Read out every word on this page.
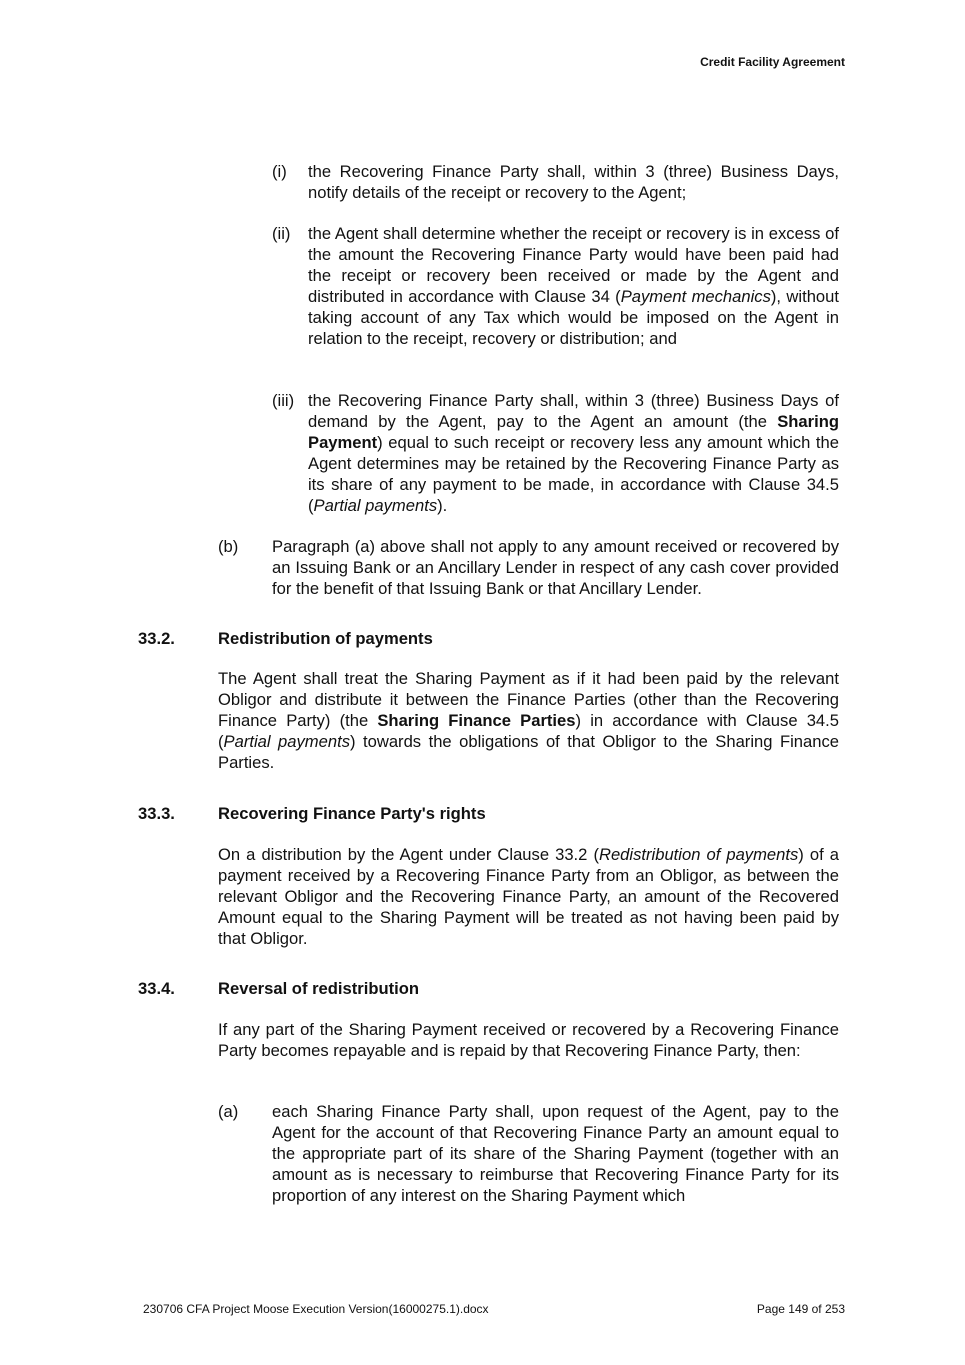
Credit Facility Agreement
(i) the Recovering Finance Party shall, within 3 (three) Business Days, notify details of the receipt or recovery to the Agent;
(ii) the Agent shall determine whether the receipt or recovery is in excess of the amount the Recovering Finance Party would have been paid had the receipt or recovery been received or made by the Agent and distributed in accordance with Clause 34 (Payment mechanics), without taking account of any Tax which would be imposed on the Agent in relation to the receipt, recovery or distribution; and
(iii) the Recovering Finance Party shall, within 3 (three) Business Days of demand by the Agent, pay to the Agent an amount (the Sharing Payment) equal to such receipt or recovery less any amount which the Agent determines may be retained by the Recovering Finance Party as its share of any payment to be made, in accordance with Clause 34.5 (Partial payments).
(b) Paragraph (a) above shall not apply to any amount received or recovered by an Issuing Bank or an Ancillary Lender in respect of any cash cover provided for the benefit of that Issuing Bank or that Ancillary Lender.
33.2.	Redistribution of payments
The Agent shall treat the Sharing Payment as if it had been paid by the relevant Obligor and distribute it between the Finance Parties (other than the Recovering Finance Party) (the Sharing Finance Parties) in accordance with Clause 34.5 (Partial payments) towards the obligations of that Obligor to the Sharing Finance Parties.
33.3.	Recovering Finance Party's rights
On a distribution by the Agent under Clause 33.2 (Redistribution of payments) of a payment received by a Recovering Finance Party from an Obligor, as between the relevant Obligor and the Recovering Finance Party, an amount of the Recovered Amount equal to the Sharing Payment will be treated as not having been paid by that Obligor.
33.4.	Reversal of redistribution
If any part of the Sharing Payment received or recovered by a Recovering Finance Party becomes repayable and is repaid by that Recovering Finance Party, then:
(a) each Sharing Finance Party shall, upon request of the Agent, pay to the Agent for the account of that Recovering Finance Party an amount equal to the appropriate part of its share of the Sharing Payment (together with an amount as is necessary to reimburse that Recovering Finance Party for its proportion of any interest on the Sharing Payment which
230706 CFA Project Moose Execution Version(16000275.1).docx	Page 149 of 253
